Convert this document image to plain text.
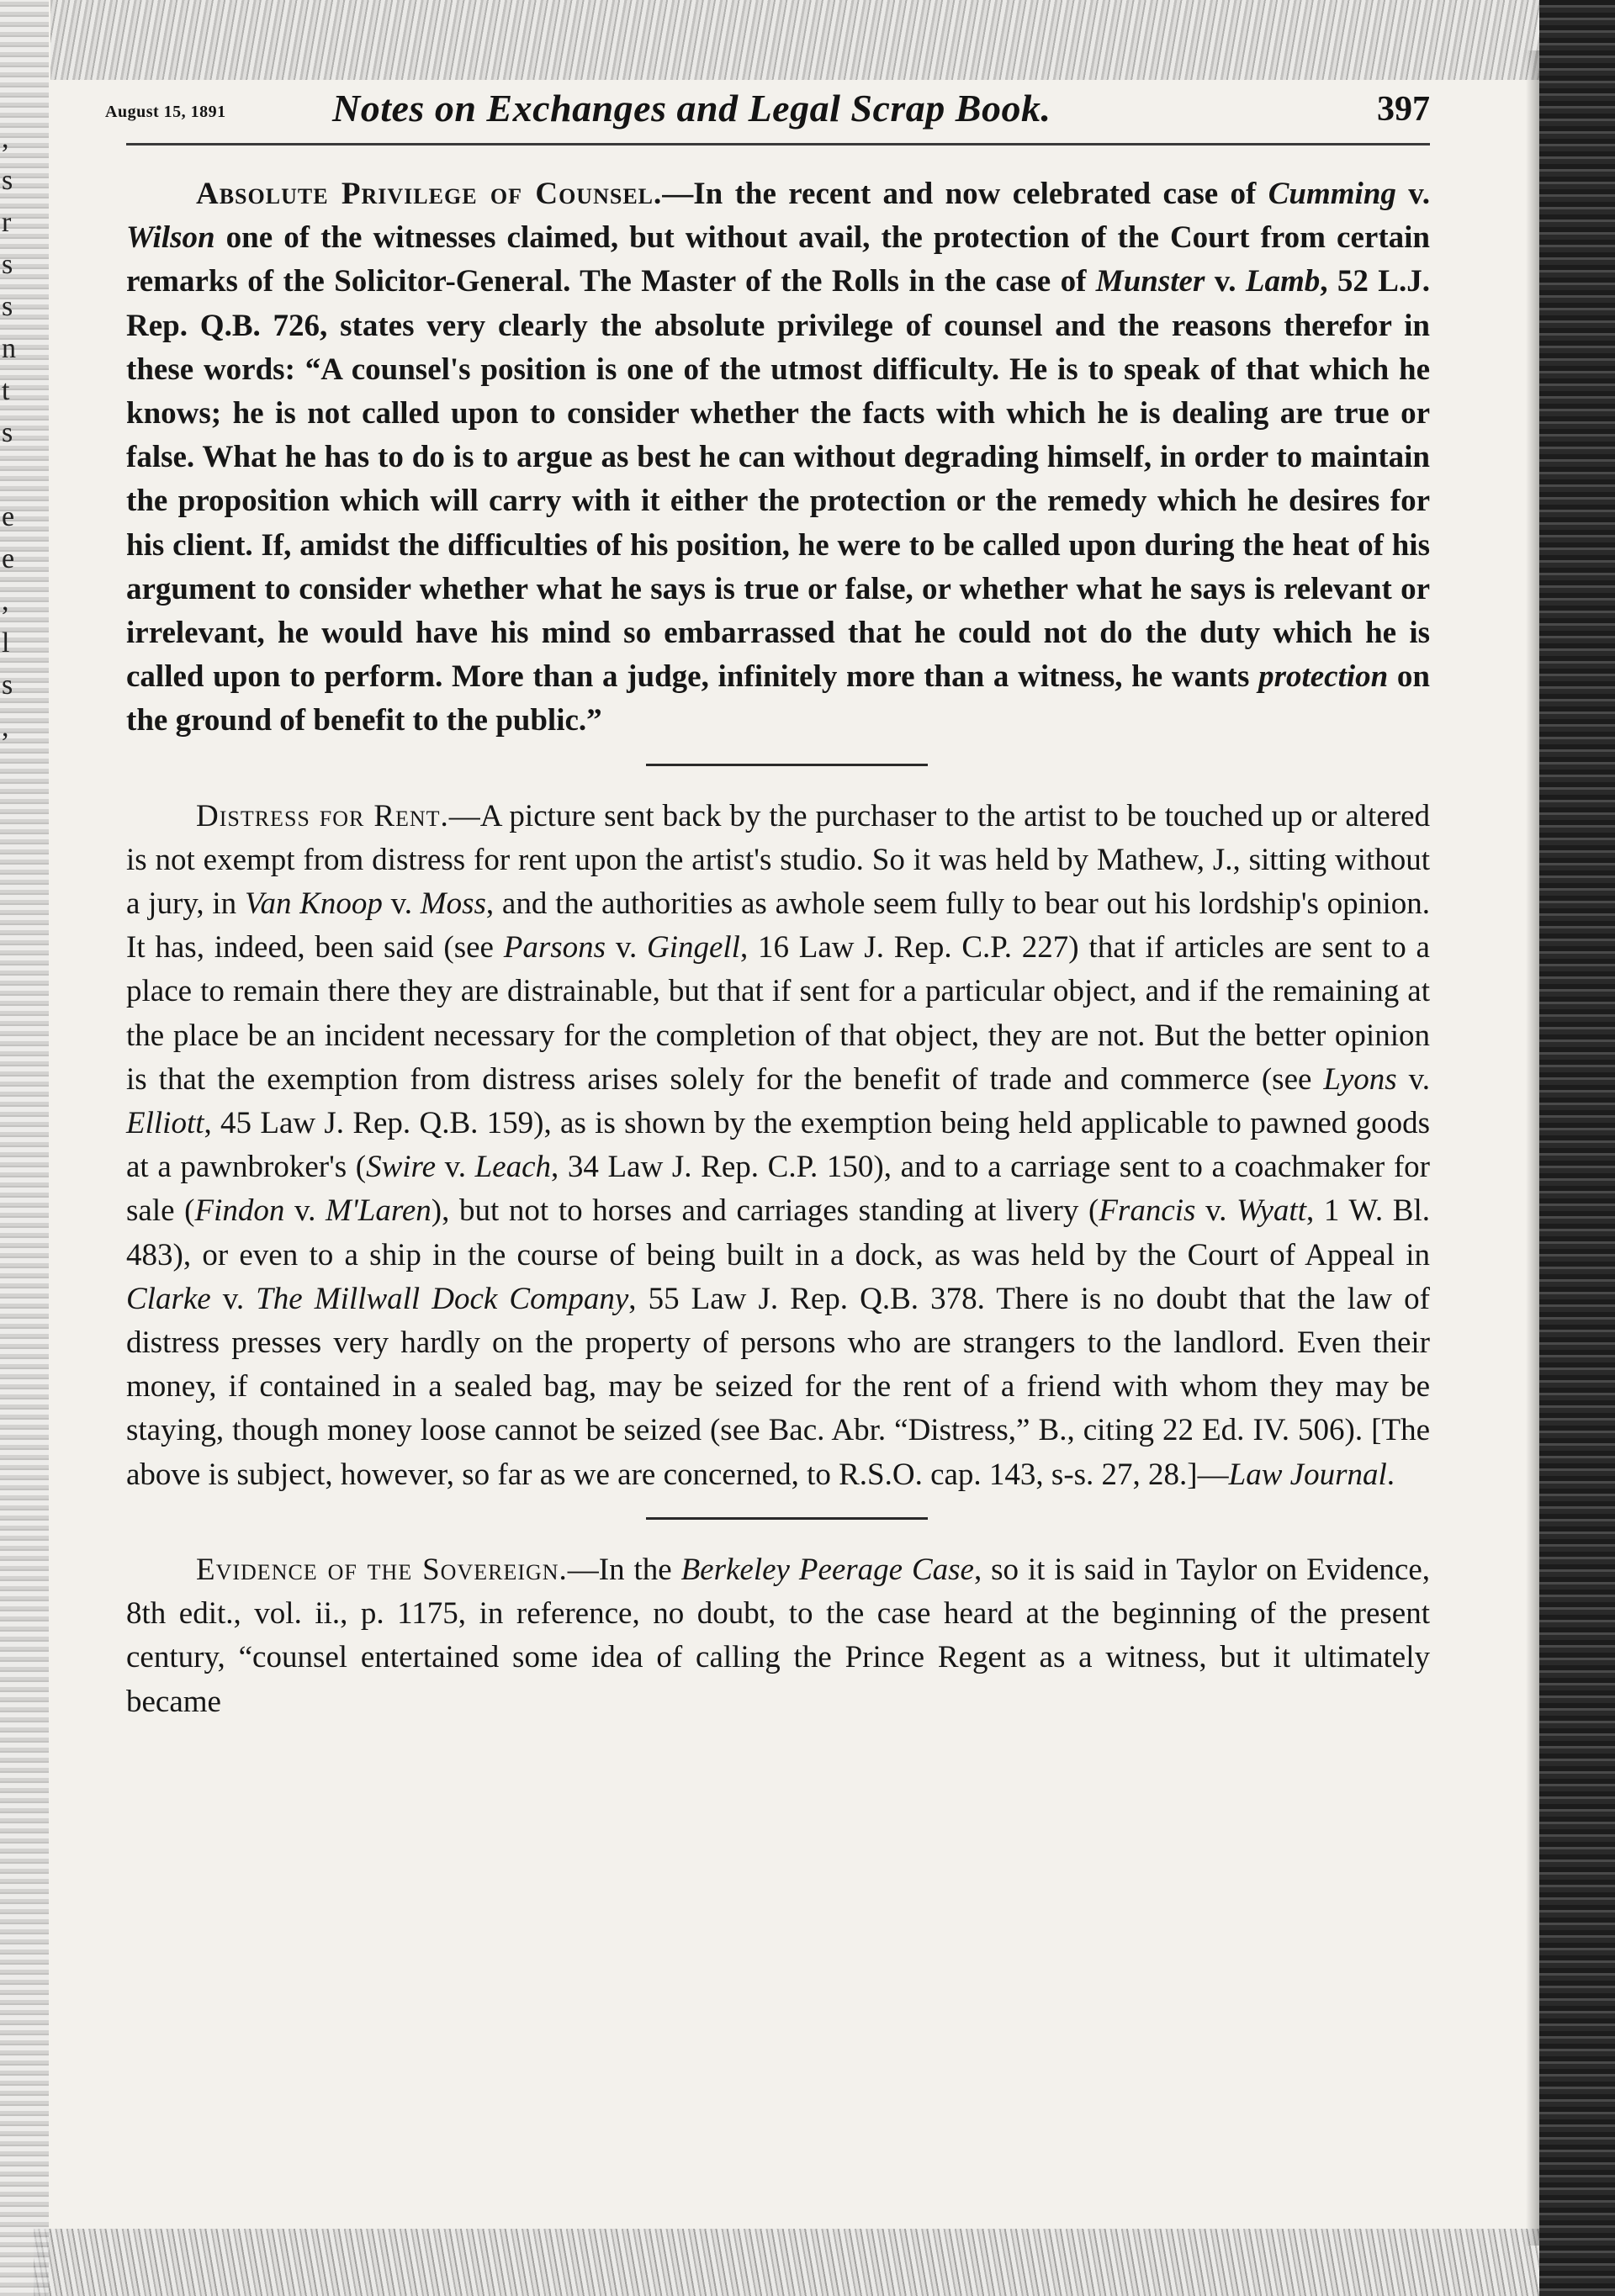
,
s
r
s
s
n
t
s
e
e
,
l
s
,
August 15, 1891	Notes on Exchanges and Legal Scrap Book.	397

Absolute Privilege of Counsel.—In the recent and now celebrated case of Cumming v. Wilson one of the witnesses claimed, but without avail, the protection of the Court from certain remarks of the Solicitor-General. The Master of the Rolls in the case of Munster v. Lamb, 52 L.J. Rep. Q.B. 726, states very clearly the absolute privilege of counsel and the reasons therefor in these words: “A counsel's position is one of the utmost difficulty. He is to speak of that which he knows; he is not called upon to consider whether the facts with which he is dealing are true or false. What he has to do is to argue as best he can without degrading himself, in order to maintain the proposition which will carry with it either the protection or the remedy which he desires for his client. If, amidst the difficulties of his position, he were to be called upon during the heat of his argument to consider whether what he says is true or false, or whether what he says is relevant or irrelevant, he would have his mind so embarrassed that he could not do the duty which he is called upon to perform. More than a judge, infinitely more than a witness, he wants protection on the ground of benefit to the public.”

Distress for Rent.—A picture sent back by the purchaser to the artist to be touched up or altered is not exempt from distress for rent upon the artist's studio. So it was held by Mathew, J., sitting without a jury, in Van Knoop v. Moss, and the authorities as awhole seem fully to bear out his lordship's opinion. It has, indeed, been said (see Parsons v. Gingell, 16 Law J. Rep. C.P. 227) that if articles are sent to a place to remain there they are distrainable, but that if sent for a particular object, and if the remaining at the place be an incident necessary for the completion of that object, they are not. But the better opinion is that the exemption from distress arises solely for the benefit of trade and commerce (see Lyons v. Elliott, 45 Law J. Rep. Q.B. 159), as is shown by the exemption being held applicable to pawned goods at a pawnbroker's (Swire v. Leach, 34 Law J. Rep. C.P. 150), and to a carriage sent to a coachmaker for sale (Findon v. M'Laren), but not to horses and carriages standing at livery (Francis v. Wyatt, 1 W. Bl. 483), or even to a ship in the course of being built in a dock, as was held by the Court of Appeal in Clarke v. The Millwall Dock Company, 55 Law J. Rep. Q.B. 378. There is no doubt that the law of distress presses very hardly on the property of persons who are strangers to the landlord. Even their money, if contained in a sealed bag, may be seized for the rent of a friend with whom they may be staying, though money loose cannot be seized (see Bac. Abr. “Distress,” B., citing 22 Ed. IV. 506). [The above is subject, however, so far as we are concerned, to R.S.O. cap. 143, s-s. 27, 28.]—Law Journal.

Evidence of the Sovereign.—In the Berkeley Peerage Case, so it is said in Taylor on Evidence, 8th edit., vol. ii., p. 1175, in reference, no doubt, to the case heard at the beginning of the present century, “counsel entertained some idea of calling the Prince Regent as a witness, but it ultimately became
